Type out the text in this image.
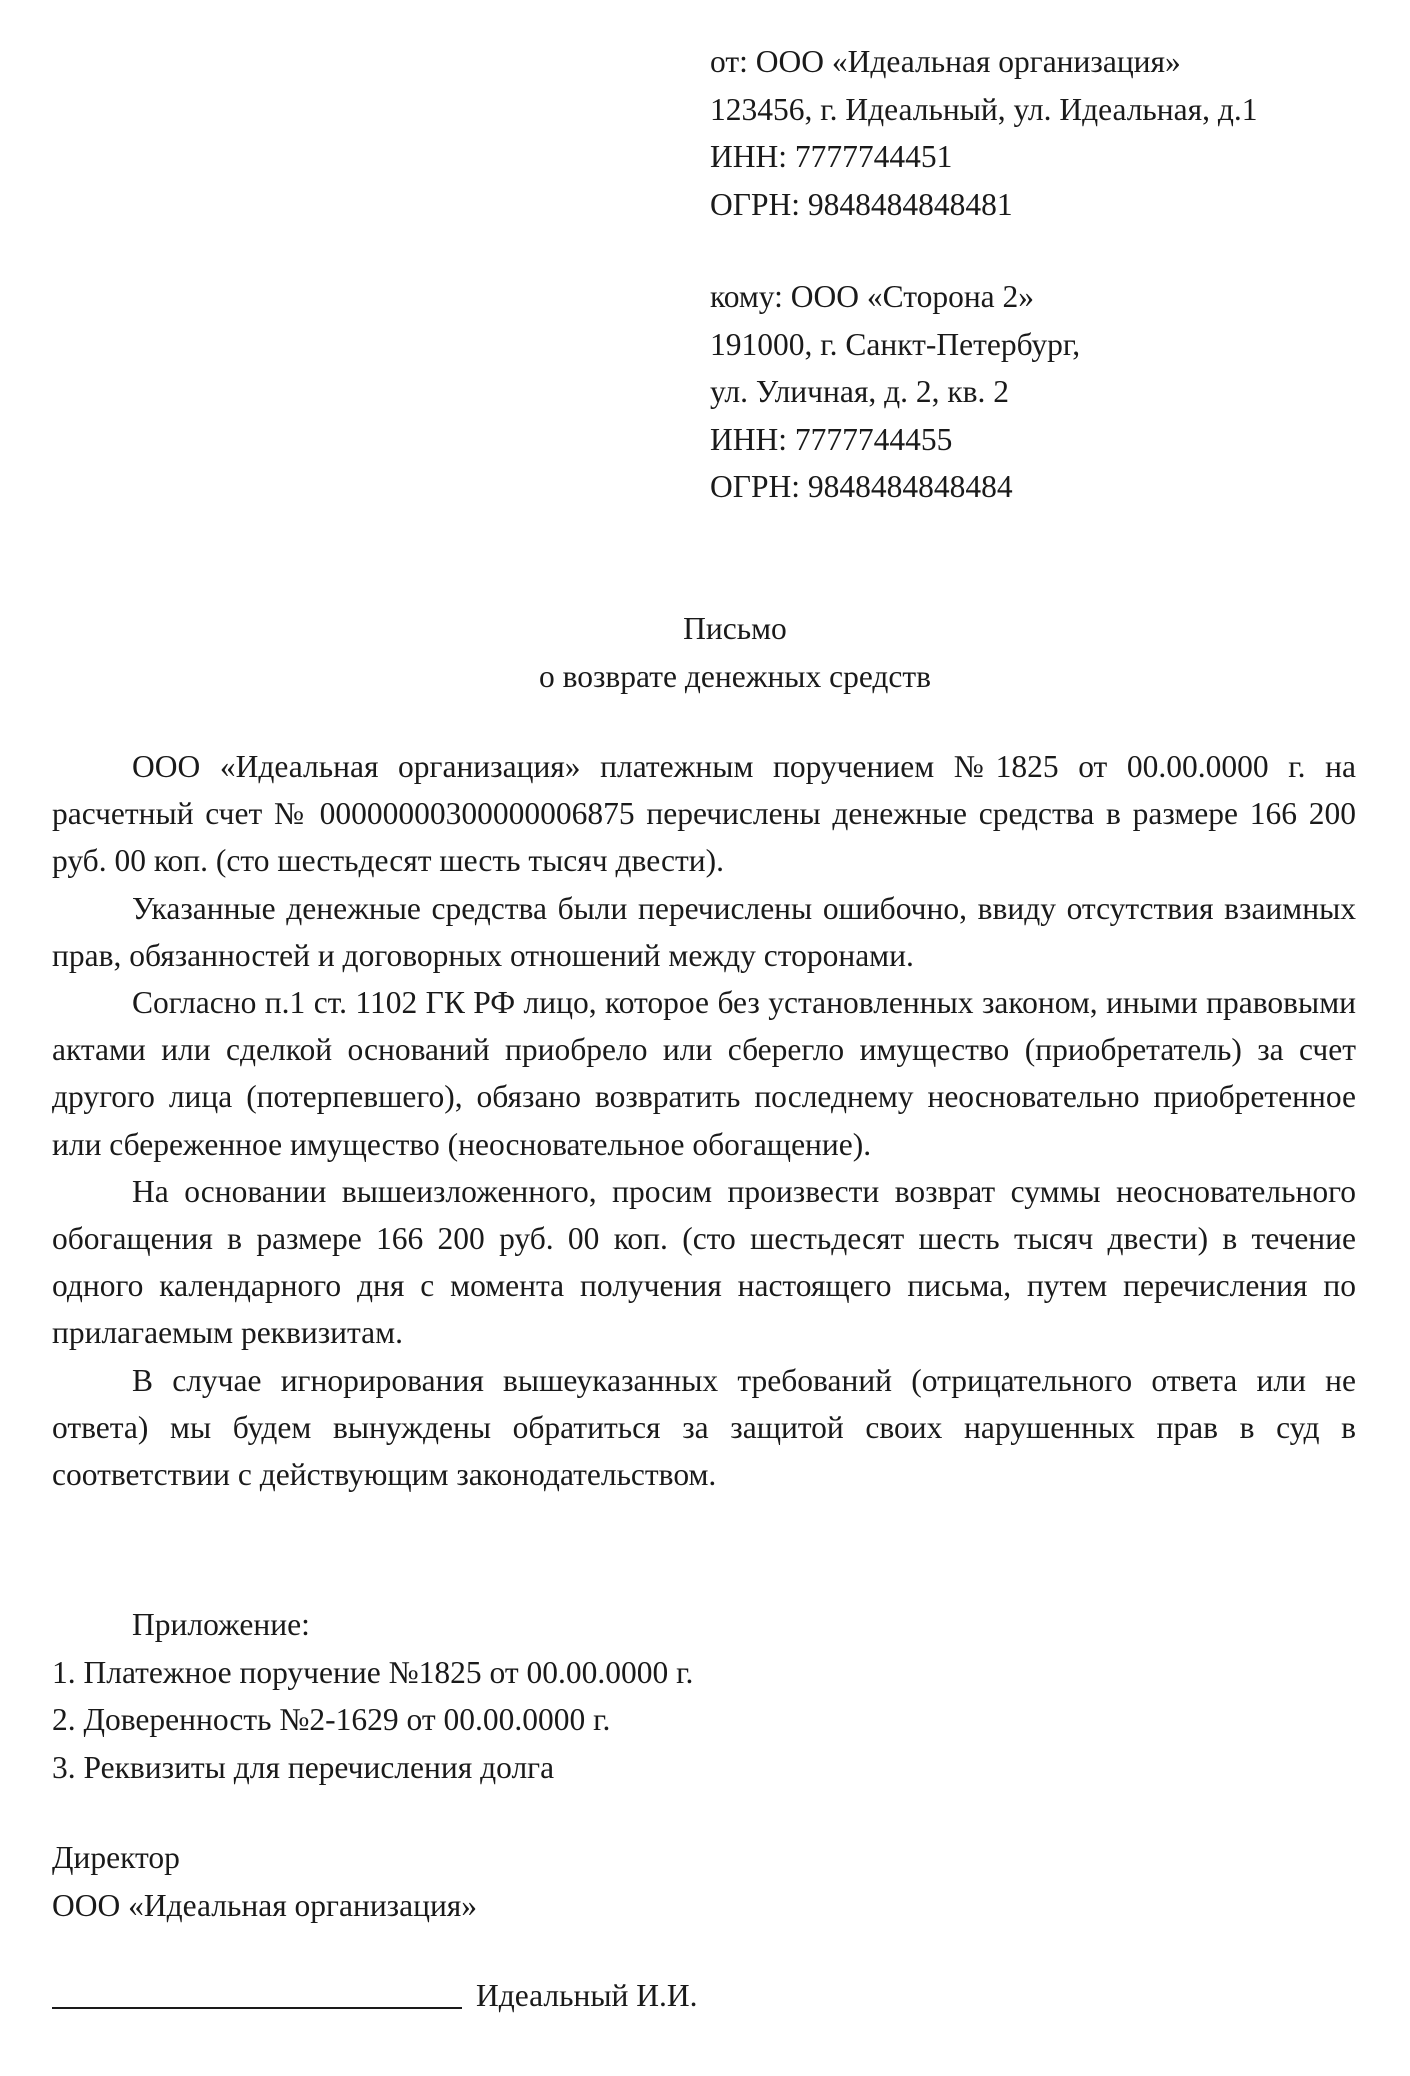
от: ООО «Идеальная организация»
123456, г. Идеальный, ул. Идеальная, д.1
ИНН: 7777744451
ОГРН: 9848484848481
кому: ООО «Сторона 2»
191000, г. Санкт-Петербург,
ул. Уличная, д. 2, кв. 2
ИНН: 7777744455
ОГРН: 9848484848484
Письмо
о возврате денежных средств

ООО «Идеальная организация» платежным поручением №1825 от 00.00.0000 г. на расчетный счет № 00000000300000006875 перечислены денежные средства в размере 166 200 руб. 00 коп. (сто шестьдесят шесть тысяч двести).

Указанные денежные средства были перечислены ошибочно, ввиду отсутствия взаимных прав, обязанностей и договорных отношений между сторонами.

Согласно п.1 ст. 1102 ГК РФ лицо, которое без установленных законом, иными правовыми актами или сделкой оснований приобрело или сберегло имущество (приобретатель) за счет другого лица (потерпевшего), обязано возвратить последнему неосновательно приобретенное или сбереженное имущество (неосновательное обогащение).

На основании вышеизложенного, просим произвести возврат суммы неосновательного обогащения в размере 166 200 руб. 00 коп. (сто шестьдесят шесть тысяч двести) в течение одного календарного дня с момента получения настоящего письма, путем перечисления по прилагаемым реквизитам.

В случае игнорирования вышеуказанных требований (отрицательного ответа или не ответа) мы будем вынуждены обратиться за защитой своих нарушенных прав в суд в соответствии с действующим законодательством.

Приложение:
1. Платежное поручение №1825 от 00.00.0000 г.
2. Доверенность №2-1629 от 00.00.0000 г.
3. Реквизиты для перечисления долга
Директор
ООО «Идеальная организация»
Идеальный И.И.
